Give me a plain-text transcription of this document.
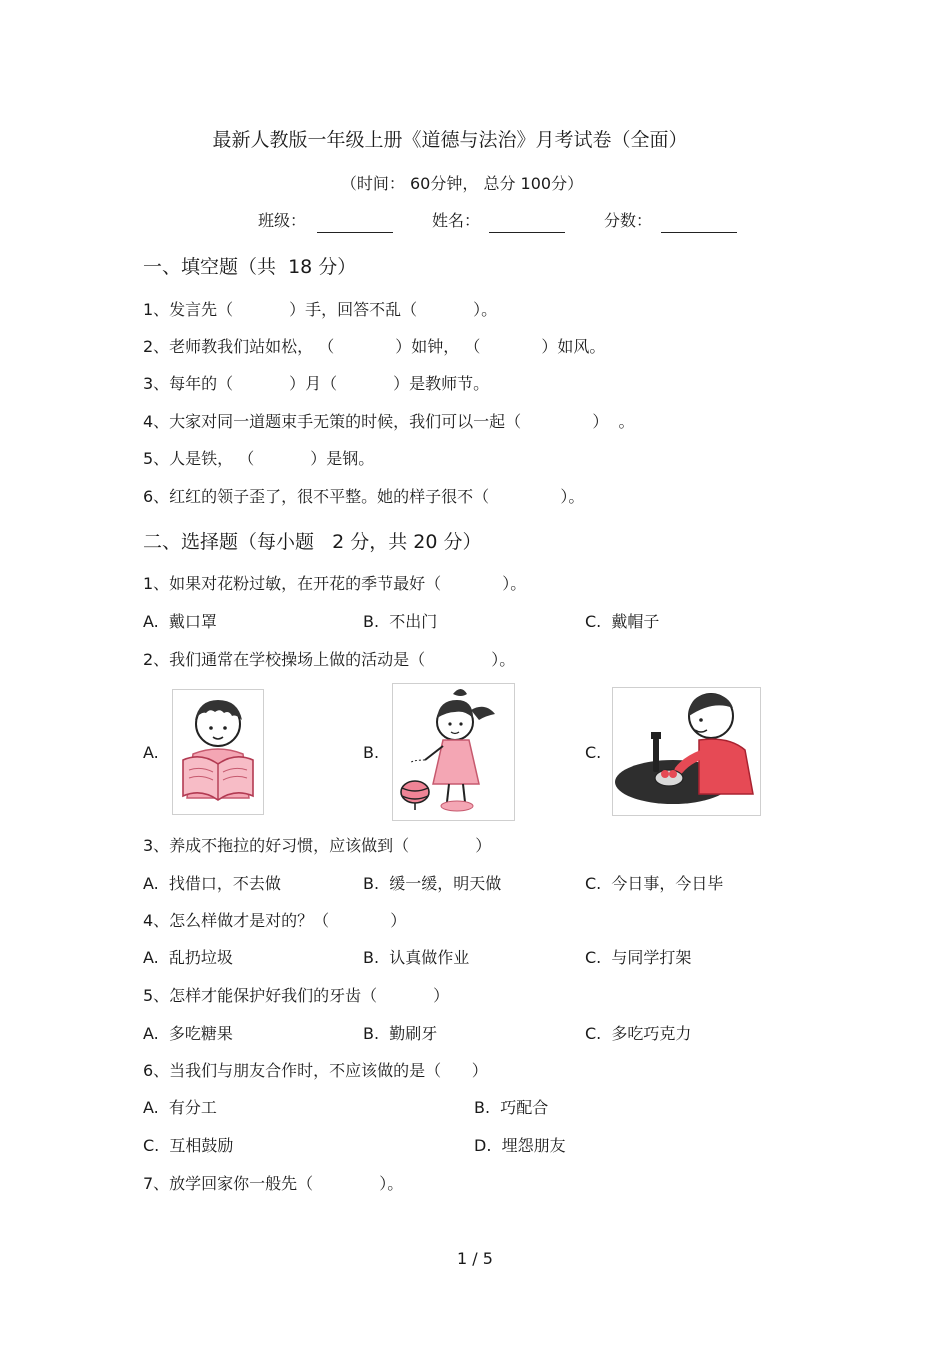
最新人教版一年级上册《道德与法治》月考试卷（全面）
（时间： 60分钟， 总分 100分）
班级：	姓名：	分数：
一、填空题（共  18 分）
1、发言先（           ）手，回答不乱（           ）。
2、老师教我们站如松， （            ）如钟， （            ）如风。
3、每年的（           ）月（           ）是教师节。
4、大家对同一道题束手无策的时候，我们可以一起（              ）  。
5、人是铁， （           ）是钢。
6、红红的领子歪了，很不平整。她的样子很不（              ）。
二、选择题（每小题   2 分，共 20 分）
1、如果对花粉过敏，在开花的季节最好（            ）。
A.  戴口罩	B.  不出门	C.  戴帽子
2、我们通常在学校操场上做的活动是（             ）。
A.	B.	C.
3、养成不拖拉的好习惯，应该做到（             ）
A.  找借口，不去做	B.  缓一缓，明天做	C.  今日事，今日毕
4、怎么样做才是对的？（            ）
A.  乱扔垃圾	B.  认真做作业	C.  与同学打架
5、怎样才能保护好我们的牙齿（           ）
A.  多吃糖果	B.  勤刷牙	C.  多吃巧克力
6、当我们与朋友合作时，不应该做的是（      ）
A.  有分工	B.  巧配合
C.  互相鼓励	D.  埋怨朋友
7、放学回家你一般先（             ）。
1 / 5
